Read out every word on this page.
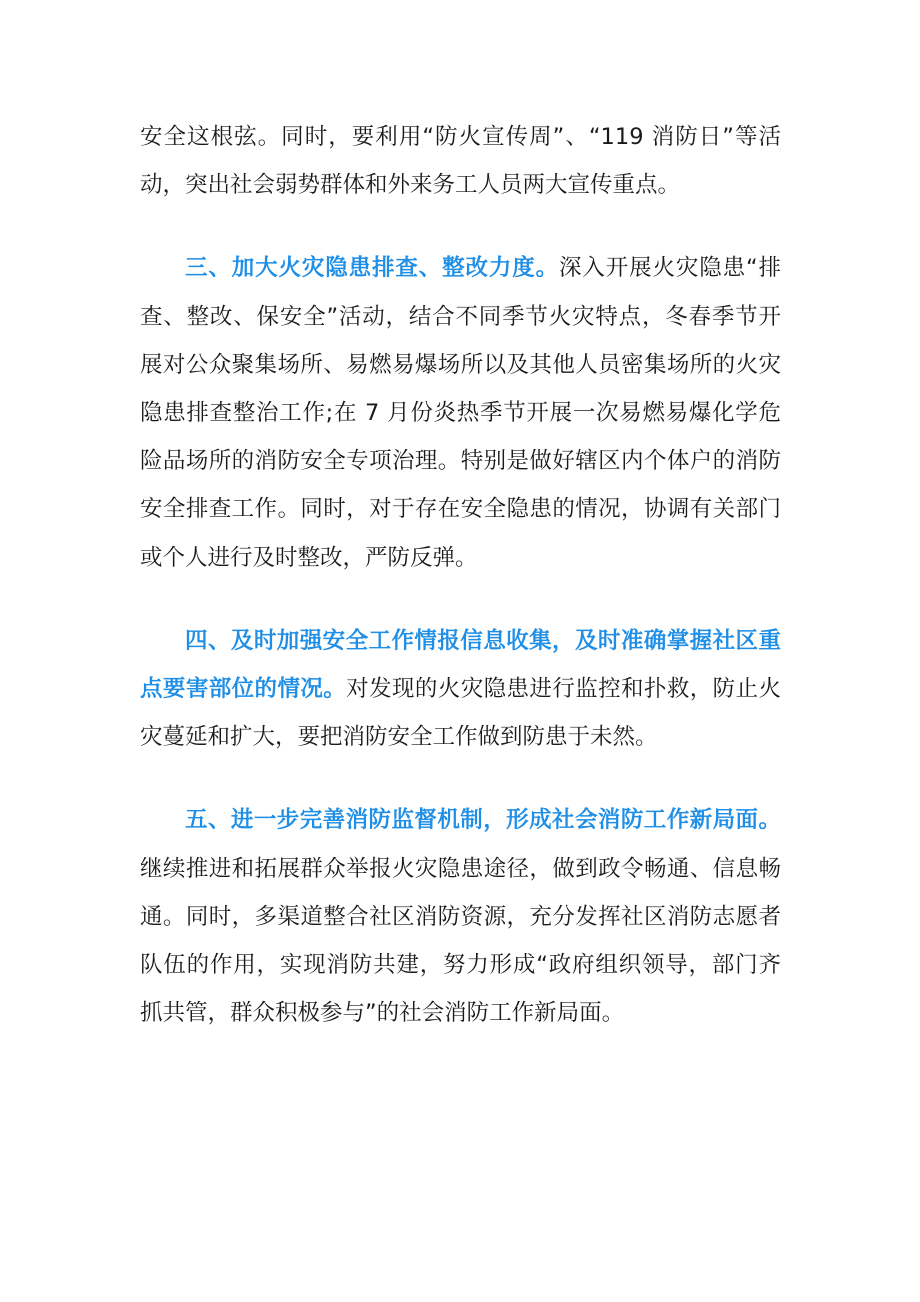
安全这根弦。同时，要利用“防火宣传周”、“119 消防日”等活动，突出社会弱势群体和外来务工人员两大宣传重点。

三、加大火灾隐患排查、整改力度。深入开展火灾隐患“排查、整改、保安全”活动，结合不同季节火灾特点，冬春季节开展对公众聚集场所、易燃易爆场所以及其他人员密集场所的火灾隐患排查整治工作;在 7 月份炎热季节开展一次易燃易爆化学危险品场所的消防安全专项治理。特别是做好辖区内个体户的消防安全排查工作。同时，对于存在安全隐患的情况，协调有关部门或个人进行及时整改，严防反弹。

四、及时加强安全工作情报信息收集，及时准确掌握社区重点要害部位的情况。对发现的火灾隐患进行监控和扑救，防止火灾蔓延和扩大，要把消防安全工作做到防患于未然。

五、进一步完善消防监督机制，形成社会消防工作新局面。继续推进和拓展群众举报火灾隐患途径，做到政令畅通、信息畅通。同时，多渠道整合社区消防资源，充分发挥社区消防志愿者队伍的作用，实现消防共建，努力形成“政府组织领导，部门齐抓共管，群众积极参与”的社会消防工作新局面。
